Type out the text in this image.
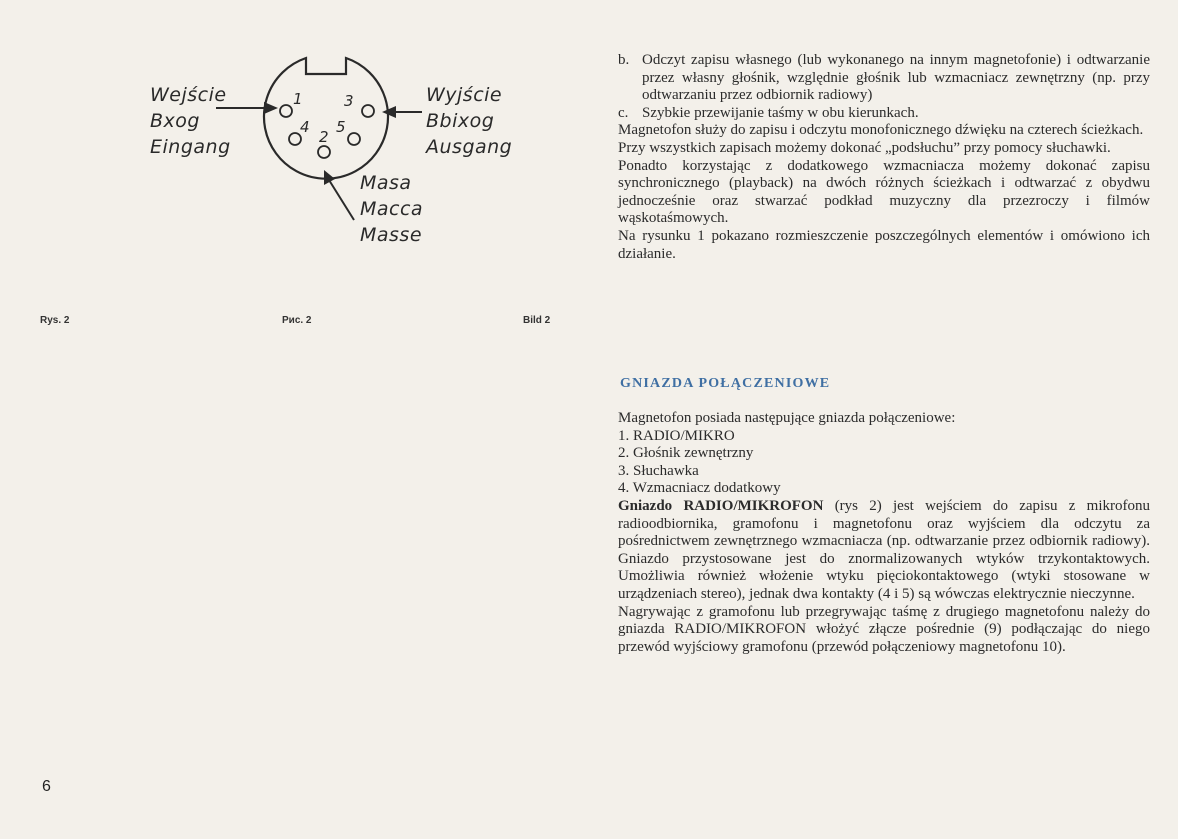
1	3
4 5
2
Wejście
Bxog
Eingang
Wyjście
Bbixog
Ausgang
Masa
Macca
Masse
Rys. 2	Рис. 2	Bild 2
6
b. Odczyt zapisu własnego (lub wykonanego na innym magnetofonie) i odtwarzanie przez własny głośnik, względnie głośnik lub wzmacniacz zewnętrzny (np. przy odtwarzaniu przez odbiornik radiowy)
c. Szybkie przewijanie taśmy w obu kierunkach.
Magnetofon służy do zapisu i odczytu monofonicznego dźwięku na czterech ścieżkach.
Przy wszystkich zapisach możemy dokonać „podsłuchu” przy pomocy słuchawki.
Ponadto korzystając z dodatkowego wzmacniacza możemy dokonać zapisu synchronicznego (playback) na dwóch różnych ścieżkach i odtwarzać z obydwu jednocześnie oraz stwarzać podkład muzyczny dla przezroczy i filmów wąskotaśmowych.
Na rysunku 1 pokazano rozmieszczenie poszczególnych elementów i omówiono ich działanie.
GNIAZDA POŁĄCZENIOWE
Magnetofon posiada następujące gniazda połączeniowe:
1. RADIO/MIKRO
2. Głośnik zewnętrzny
3. Słuchawka
4. Wzmacniacz dodatkowy
Gniazdo RADIO/MIKROFON (rys 2) jest wejściem do zapisu z mikrofonu radioodbiornika, gramofonu i magnetofonu oraz wyjściem dla odczytu za pośrednictwem zewnętrznego wzmacniacza (np. odtwarzanie przez odbiornik radiowy). Gniazdo przystosowane jest do znormalizowanych wtyków trzykontaktowych. Umożliwia również włożenie wtyku pięciokontaktowego (wtyki stosowane w urządzeniach stereo), jednak dwa kontakty (4 i 5) są wówczas elektrycznie nieczynne.
Nagrywając z gramofonu lub przegrywając taśmę z drugiego magnetofonu należy do gniazda RADIO/MIKROFON włożyć złącze pośrednie (9) podłączając do niego przewód wyjściowy gramofonu (przewód połączeniowy magnetofonu 10).
